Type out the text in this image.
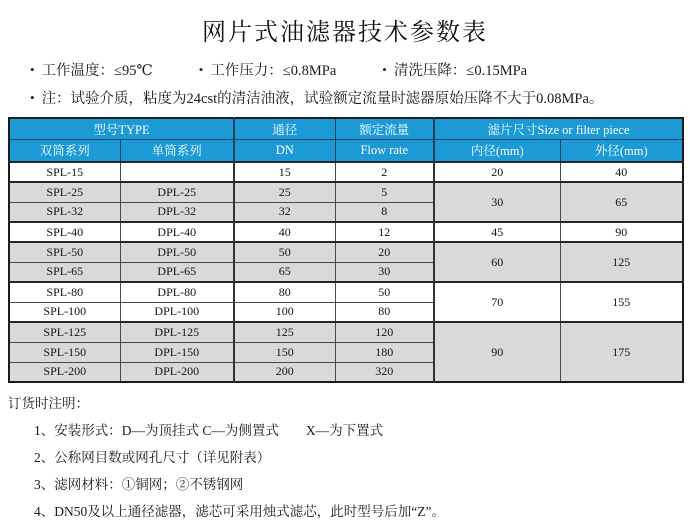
网片式油滤器技术参数表
• 工作温度：≤95℃	• 工作压力：≤0.8MPa	• 清洗压降：≤0.15MPa
• 注：试验介质，粘度为24cst的清洁油液，试验额定流量时滤器原始压降不大于0.08MPa。
型号TYPE		通径	额定流量	滤片尺寸Size or filter piece	
双筒系列	单筒系列	DN	Flow rate	内径(mm)	外径(mm)
SPL-15		15	2	20	40
SPL-25	DPL-25	25	5	30	65
SPL-32	DPL-32	32	8		
SPL-40	DPL-40	40	12	45	90
SPL-50	DPL-50	50	20	60	125
SPL-65	DPL-65	65	30		
SPL-80	DPL-80	80	50	70	155
SPL-100	DPL-100	100	80		
SPL-125	DPL-125	125	120	90	175
SPL-150	DPL-150	150	180		
SPL-200	DPL-200	200	320		
订货时注明：
1、安装形式：D—为顶挂式 C—为侧置式　　X—为下置式
2、公称网目数或网孔尺寸（详见附表）
3、滤网材料：①铜网；②不锈钢网
4、DN50及以上通径滤器，滤芯可采用烛式滤芯，此时型号后加“Z”。
